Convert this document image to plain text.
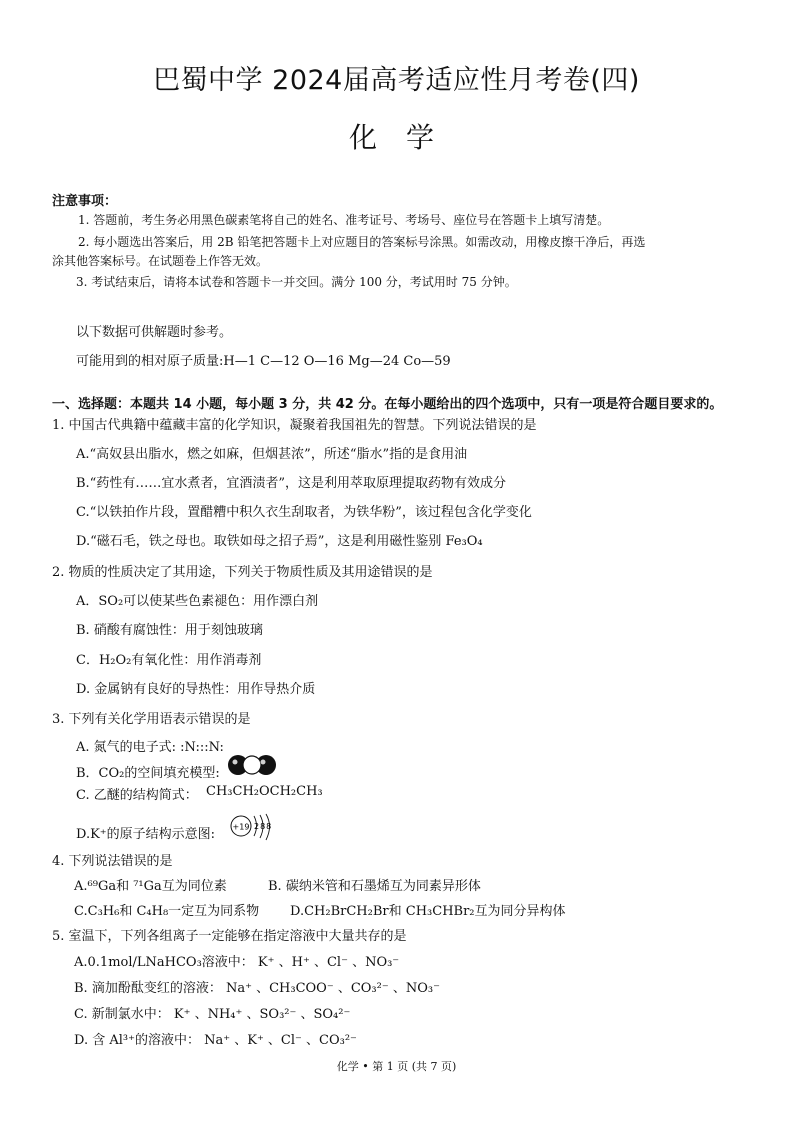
巴蜀中学 2024届高考适应性月考卷(四)
化 学
注意事项：
1. 答题前，考生务必用黑色碳素笔将自己的姓名、准考证号、考场号、座位号在答题卡上填写清楚。
2. 每小题选出答案后，用 2B 铅笔把答题卡上对应题目的答案标号涂黑。如需改动，用橡皮擦干净后，再选
涂其他答案标号。在试题卷上作答无效。
3. 考试结束后，请将本试卷和答题卡一并交回。满分 100 分，考试用时 75 分钟。
以下数据可供解题时参考。
可能用到的相对原子质量:H—1 C—12 O—16 Mg—24 Co—59
一、选择题：本题共 14 小题，每小题 3 分，共 42 分。在每小题给出的四个选项中，只有一项是符合题目要求的。
1. 中国古代典籍中蕴藏丰富的化学知识，凝聚着我国祖先的智慧。下列说法错误的是
A.“高奴县出脂水，燃之如麻，但烟甚浓”，所述“脂水”指的是食用油
B.“药性有……宜水煮者，宜酒渍者”，这是利用萃取原理提取药物有效成分
C.“以铁拍作片段，置醋糟中积久衣生刮取者，为铁华粉”，该过程包含化学变化
D.“磁石毛，铁之母也。取铁如母之招子焉”，这是利用磁性鉴别 Fe₃O₄
2. 物质的性质决定了其用途，下列关于物质性质及其用途错误的是
A．SO₂可以使某些色素褪色：用作漂白剂
B. 硝酸有腐蚀性：用于刻蚀玻璃
C．H₂O₂有氧化性：用作消毒剂
D. 金属钠有良好的导热性：用作导热介质
3. 下列有关化学用语表示错误的是
A. 氮气的电子式: :N:::N:
B．CO₂的空间填充模型:
C. 乙醚的结构简式： CH₃CH₂OCH₂CH₃
D.K⁺的原子结构示意图: +19 288
4. 下列说法错误的是
A.⁶⁹Ga和 ⁷¹Ga互为同位素	B. 碳纳米管和石墨烯互为同素异形体
C.C₃H₆和 C₄H₈一定互为同系物 D.CH₂BrCH₂Br和 CH₃CHBr₂互为同分异构体
5. 室温下，下列各组离子一定能够在指定溶液中大量共存的是
A.0.1mol/LNaHCO₃溶液中： K⁺ 、H⁺ 、Cl⁻ 、NO₃⁻
B. 滴加酚酞变红的溶液： Na⁺ 、CH₃COO⁻ 、CO₃²⁻ 、NO₃⁻
C. 新制氯水中： K⁺ 、NH₄⁺ 、SO₃²⁻ 、SO₄²⁻
D. 含 Al³⁺的溶液中： Na⁺ 、K⁺ 、Cl⁻ 、CO₃²⁻
化学 • 第 1 页 (共 7 页)
